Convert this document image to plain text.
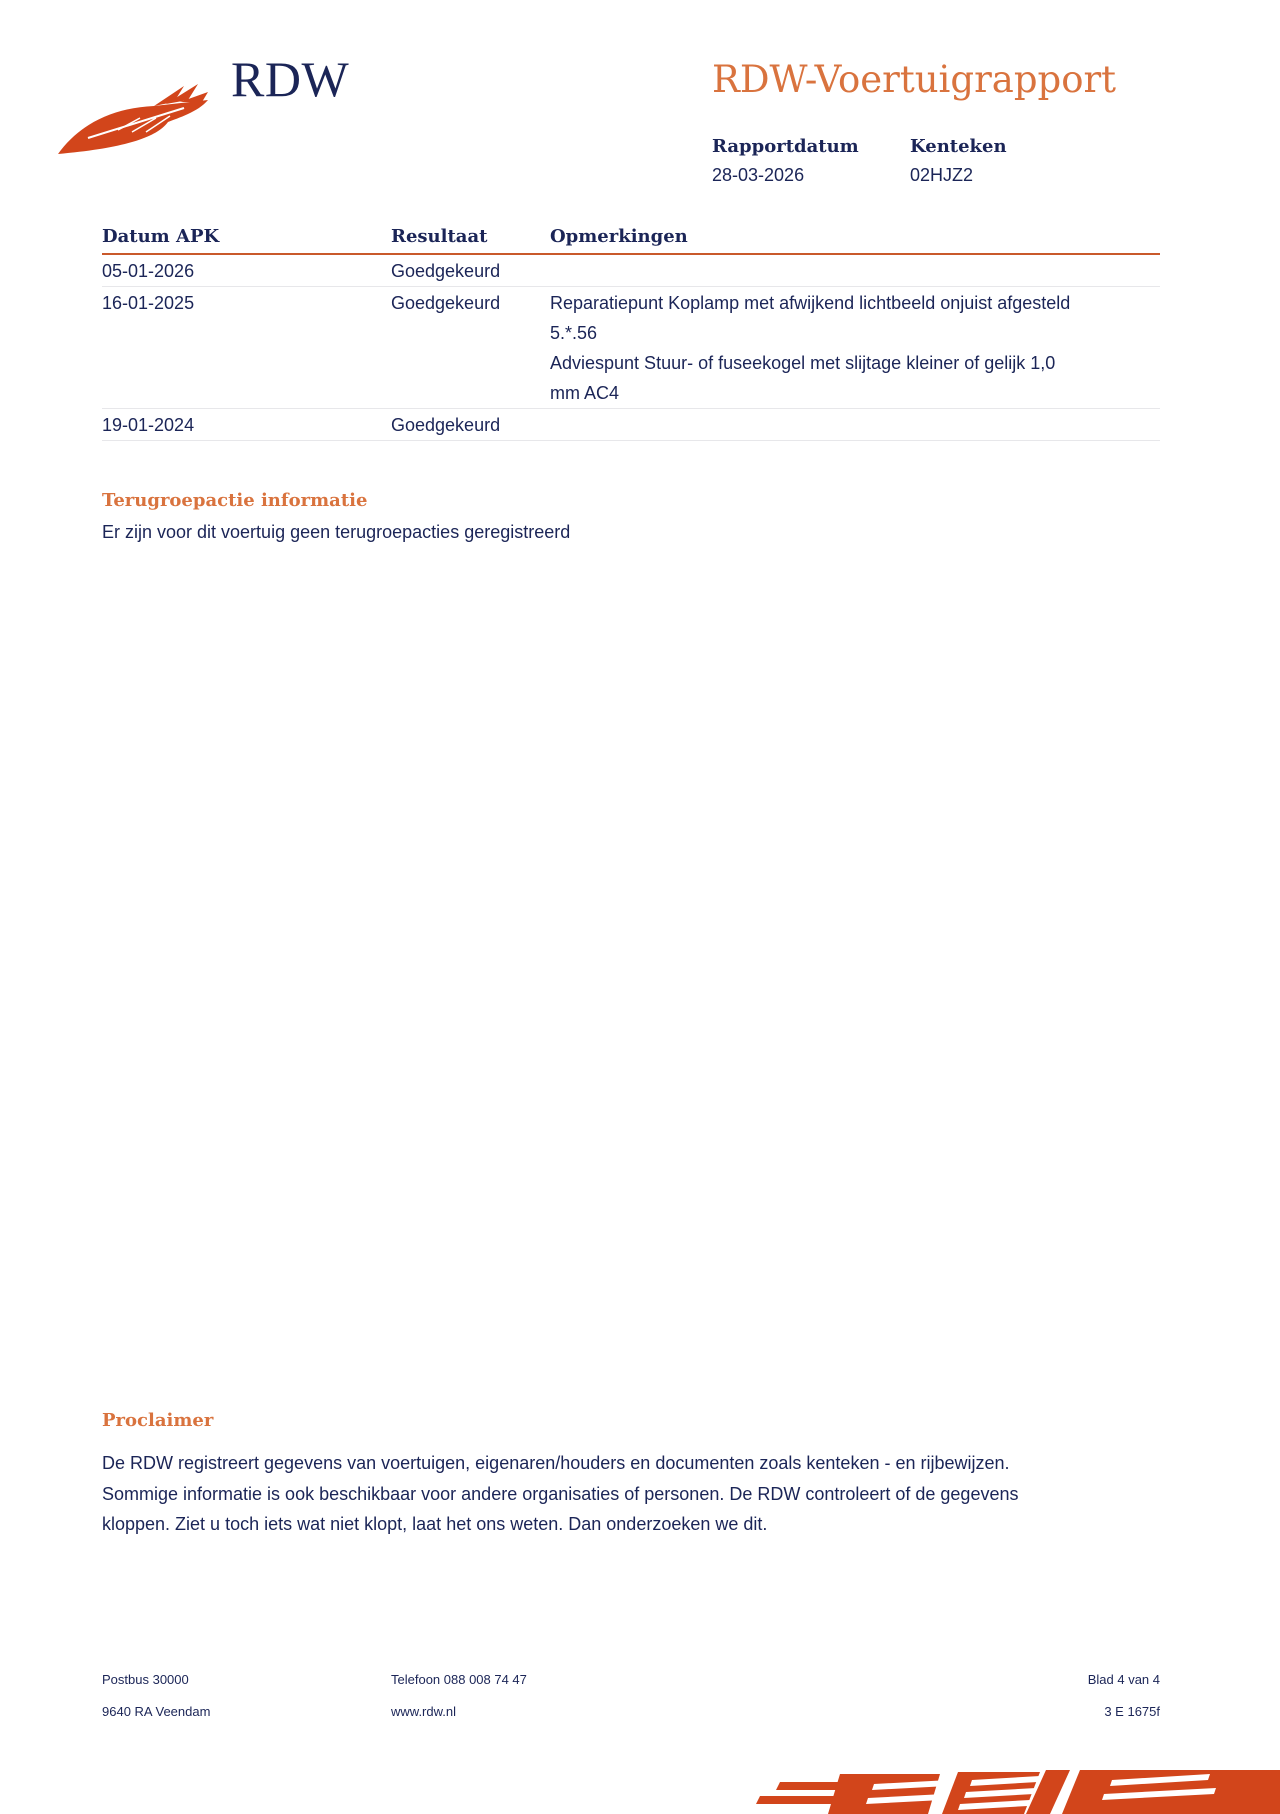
RDW	RDW-Voertuigrapport
Rapportdatum
28-03-2026
Kenteken
02HJZ2
Datum APK	Resultaat	Opmerkingen
05-01-2026	Goedgekeurd	
16-01-2025	Goedgekeurd	Reparatiepunt Koplamp met afwijkend lichtbeeld onjuist afgesteld
5.*.56
Adviespunt Stuur- of fuseekogel met slijtage kleiner of gelijk 1,0
mm AC4

19-01-2024	Goedgekeurd	
Terugroepactie informatie
Er zijn voor dit voertuig geen terugroepacties geregistreerd
Proclaimer
De RDW registreert gegevens van voertuigen, eigenaren/houders en documenten zoals kenteken - en rijbewijzen.
Sommige informatie is ook beschikbaar voor andere organisaties of personen. De RDW controleert of de gegevens
kloppen. Ziet u toch iets wat niet klopt, laat het ons weten. Dan onderzoeken we dit.
Postbus 30000
9640 RA Veendam
Telefoon 088 008 74 47
www.rdw.nl
Blad 4 van 4
3 E 1675f
